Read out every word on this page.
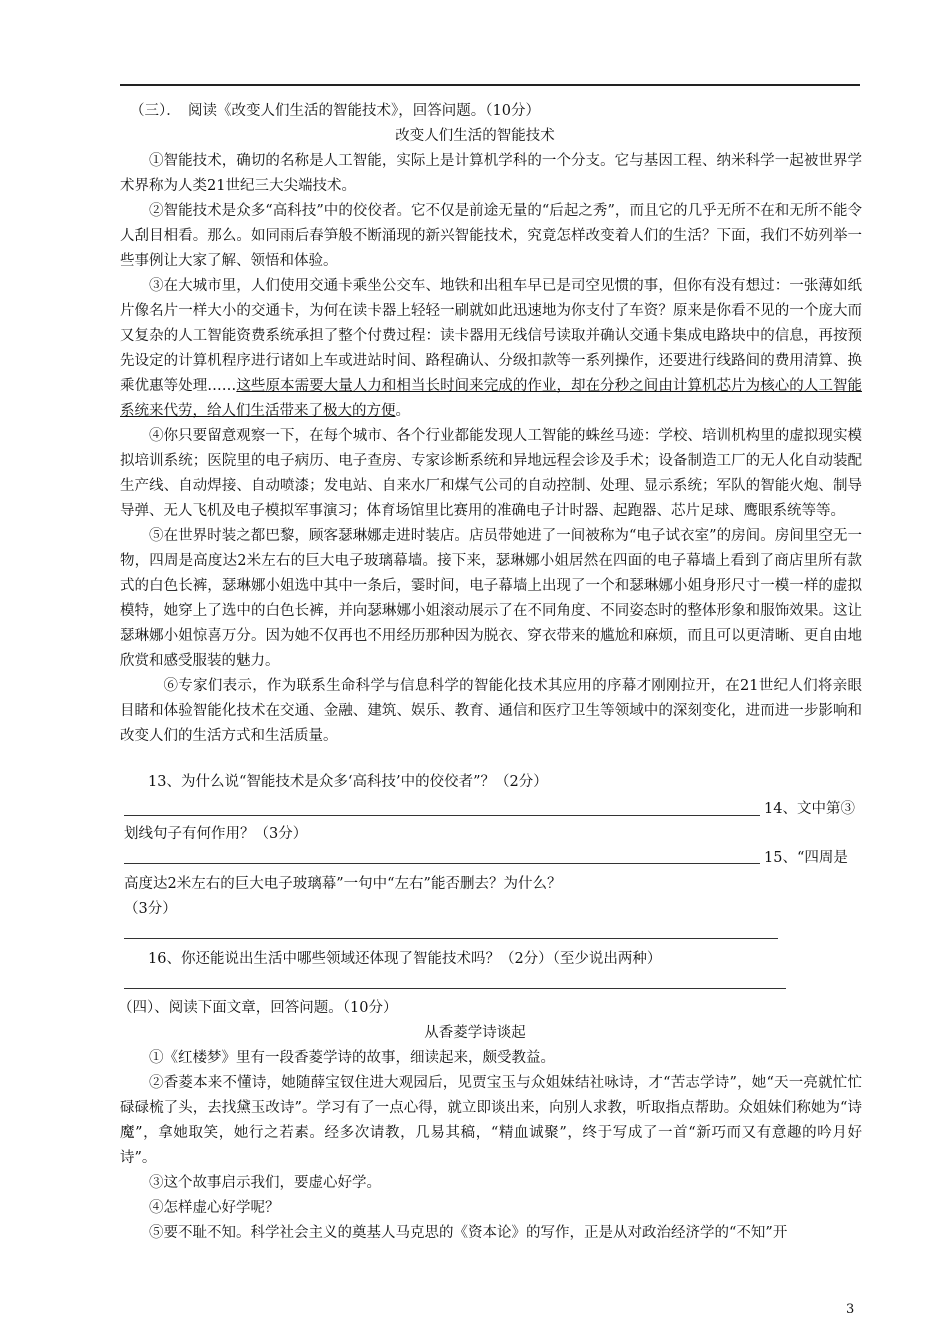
（三）．　阅读《改变人们生活的智能技术》，回答问题。（10分）
改变人们生活的智能技术

①智能技术，确切的名称是人工智能，实际上是计算机学科的一个分支。它与基因工程、纳米科学一起被世界学术界称为人类21世纪三大尖端技术。

②智能技术是众多“高科技”中的佼佼者。它不仅是前途无量的“后起之秀”，而且它的几乎无所不在和无所不能令人刮目相看。那么。如同雨后春笋般不断涌现的新兴智能技术，究竟怎样改变着人们的生活？下面，我们不妨列举一些事例让大家了解、领悟和体验。

③在大城市里，人们使用交通卡乘坐公交车、地铁和出租车早已是司空见惯的事，但你有没有想过：一张薄如纸片像名片一样大小的交通卡，为何在读卡器上轻轻一刷就如此迅速地为你支付了车资？原来是你看不见的一个庞大而又复杂的人工智能资费系统承担了整个付费过程：读卡器用无线信号读取并确认交通卡集成电路块中的信息，再按预先设定的计算机程序进行诸如上车或进站时间、路程确认、分级扣款等一系列操作，还要进行线路间的费用清算、换乘优惠等处理……这些原本需要大量人力和相当长时间来完成的作业，却在分秒之间由计算机芯片为核心的人工智能系统来代劳，给人们生活带来了极大的方便。

④你只要留意观察一下，在每个城市、各个行业都能发现人工智能的蛛丝马迹：学校、培训机构里的虚拟现实模拟培训系统；医院里的电子病历、电子查房、专家诊断系统和异地远程会诊及手术；设备制造工厂的无人化自动装配生产线、自动焊接、自动喷漆；发电站、自来水厂和煤气公司的自动控制、处理、显示系统；军队的智能火炮、制导导弹、无人飞机及电子模拟军事演习；体育场馆里比赛用的准确电子计时器、起跑器、芯片足球、鹰眼系统等等。

⑤在世界时装之都巴黎，顾客瑟琳娜走进时装店。店员带她进了一间被称为“电子试衣室”的房间。房间里空无一物，四周是高度达2米左右的巨大电子玻璃幕墙。接下来，瑟琳娜小姐居然在四面的电子幕墙上看到了商店里所有款式的白色长裤，瑟琳娜小姐选中其中一条后，霎时间，电子幕墙上出现了一个和瑟琳娜小姐身形尺寸一模一样的虚拟模特，她穿上了选中的白色长裤，并向瑟琳娜小姐滚动展示了在不同角度、不同姿态时的整体形象和服饰效果。这让瑟琳娜小姐惊喜万分。因为她不仅再也不用经历那种因为脱衣、穿衣带来的尴尬和麻烦，而且可以更清晰、更自由地欣赏和感受服装的魅力。

⑥专家们表示，作为联系生命科学与信息科学的智能化技术其应用的序幕才刚刚拉开，在21世纪人们将亲眼目睹和体验智能化技术在交通、金融、建筑、娱乐、教育、通信和医疗卫生等领域中的深刻变化，进而进一步影响和改变人们的生活方式和生活质量。

13、为什么说“智能技术是众多‘高科技’中的佼佼者”？（2分）
14、文中第③
划线句子有何作用？（3分）
15、“四周是
高度达2米左右的巨大电子玻璃幕”一句中“左右”能否删去？为什么？
（3分）
16、你还能说出生活中哪些领域还体现了智能技术吗？（2分）（至少说出两种）
（四）、阅读下面文章，回答问题。（10分）
从香菱学诗谈起

①《红楼梦》里有一段香菱学诗的故事，细读起来，颇受教益。

②香菱本来不懂诗，她随薛宝钗住进大观园后，见贾宝玉与众姐妹结社咏诗，才“苦志学诗”，她“天一亮就忙忙碌碌梳了头，去找黛玉改诗”。学习有了一点心得，就立即谈出来，向别人求教，听取指点帮助。众姐妹们称她为“诗魔”，拿她取笑，她行之若素。经多次请教，几易其稿，“精血诚聚”，终于写成了一首“新巧而又有意趣的吟月好诗”。

③这个故事启示我们，要虚心好学。

④怎样虚心好学呢？

⑤要不耻不知。科学社会主义的奠基人马克思的《资本论》的写作，正是从对政治经济学的“不知”开

3
